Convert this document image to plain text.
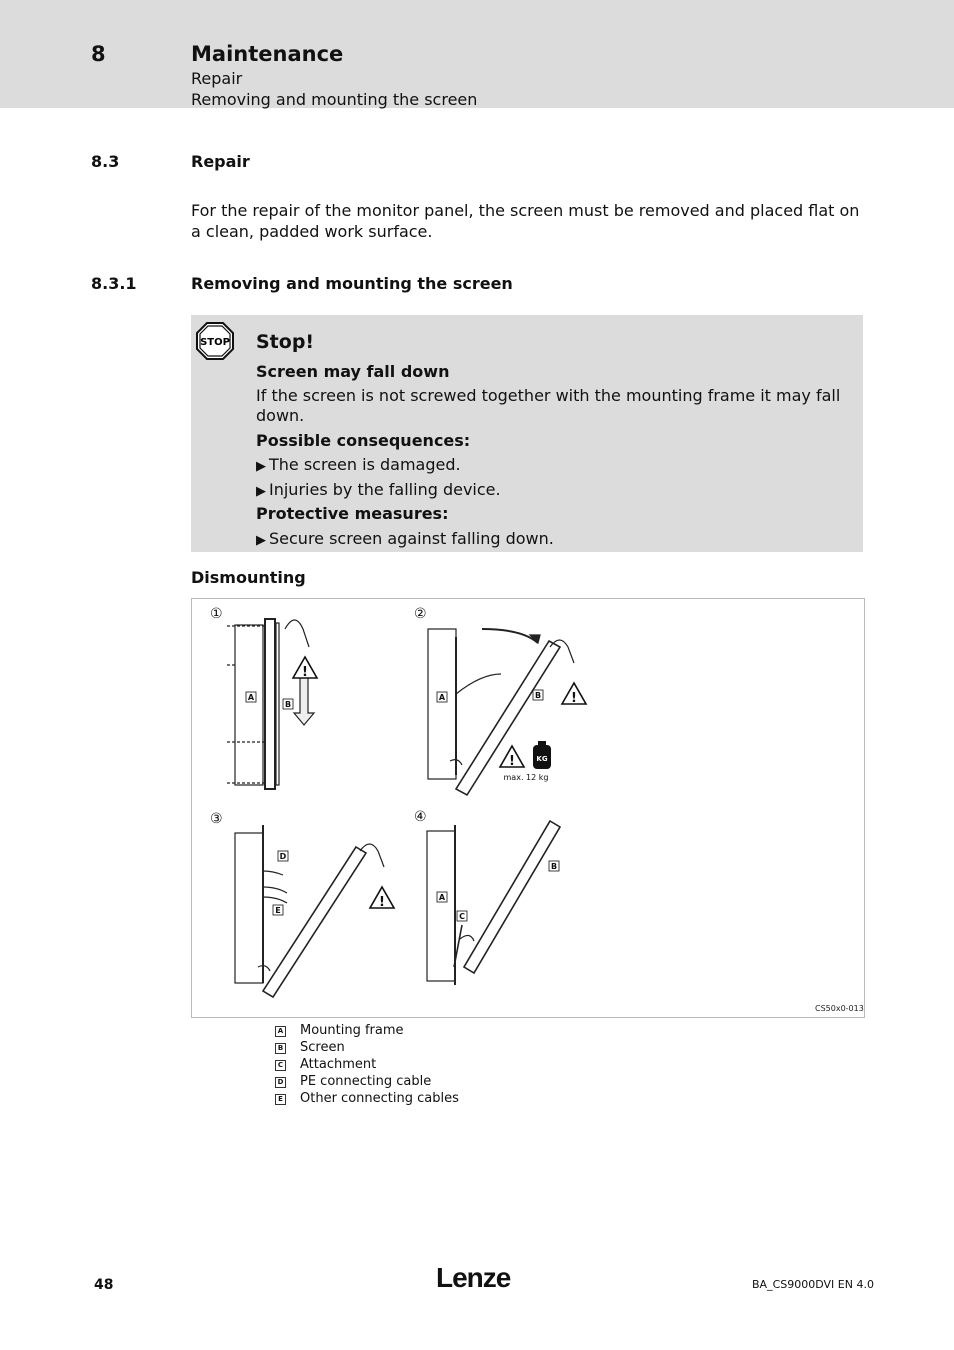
8	Maintenance
Repair
Removing and mounting the screen
8.3	Repair
For the repair of the monitor panel, the screen must be removed and placed flat on a clean, padded work surface.
8.3.1	Removing and mounting the screen
STOP Stop!
Screen may fall down
If the screen is not screwed together with the mounting frame it may fall down.
Possible consequences:
▶ The screen is damaged.
▶ Injuries by the falling device.
Protective measures:
▶ Secure screen against falling down.
Dismounting
!
!
!
!
KG
max. 12 kg
①	②
③	④
A
B
A	B
D
E
A
B
C
CS50x0-013
A Mounting frame
B Screen
C Attachment
D PE connecting cable
E Other connecting cables
48	Lenze	BA_CS9000DVI EN 4.0
